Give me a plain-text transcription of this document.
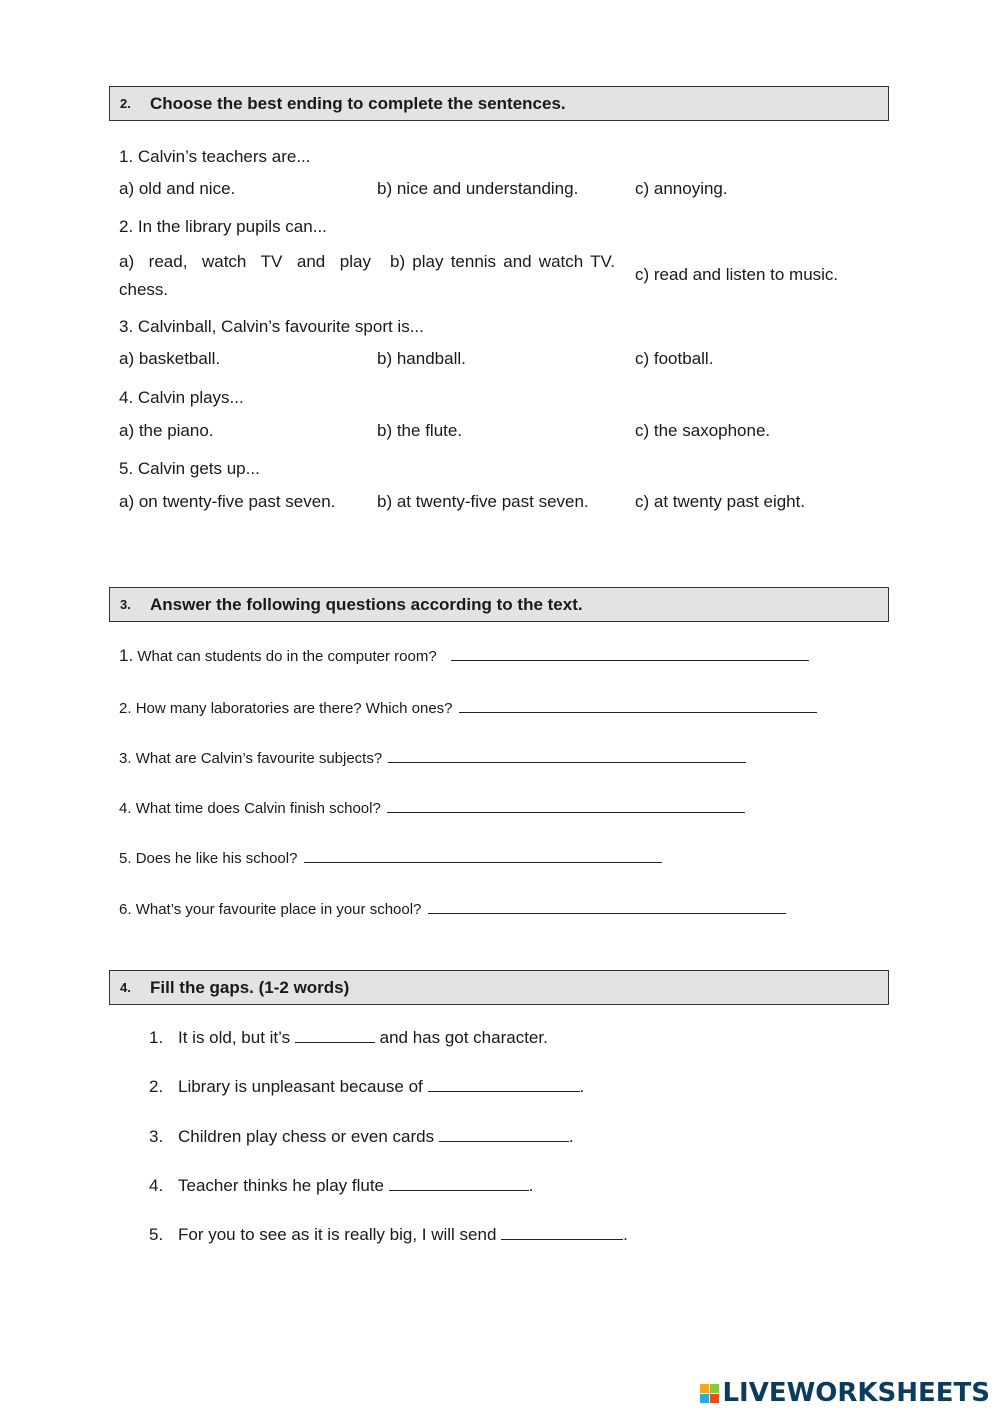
2.	Choose the best ending to complete the sentences.
1. Calvin’s teachers are...
a) old and nice.	b) nice and understanding.	c) annoying.
2. In the library pupils can...
a) read, watch TV and play chess.
b) play tennis and watch TV.
c) read and listen to music.
3. Calvinball, Calvin’s favourite sport is...
a) basketball.	b) handball.	c) football.
4. Calvin plays...
a) the piano.	b) the flute.	c) the saxophone.
5. Calvin gets up...
a) on twenty-five past seven. b) at twenty-five past seven.	c) at twenty past eight.
3.	Answer the following questions according to the text.
1. What can students do in the computer room?
2. How many laboratories are there? Which ones?
3. What are Calvin’s favourite subjects?
4. What time does Calvin finish school?
5. Does he like his school?
6. What’s your favourite place in your school?
4.	Fill the gaps. (1-2 words)
1. It is old, but it’s	and has got character.
2. Library is unpleasant because of	.
3. Children play chess or even cards	.
4. Teacher thinks he play flute	.
5. For you to see as it is really big, I will send	.
LIVEWORKSHEETS
